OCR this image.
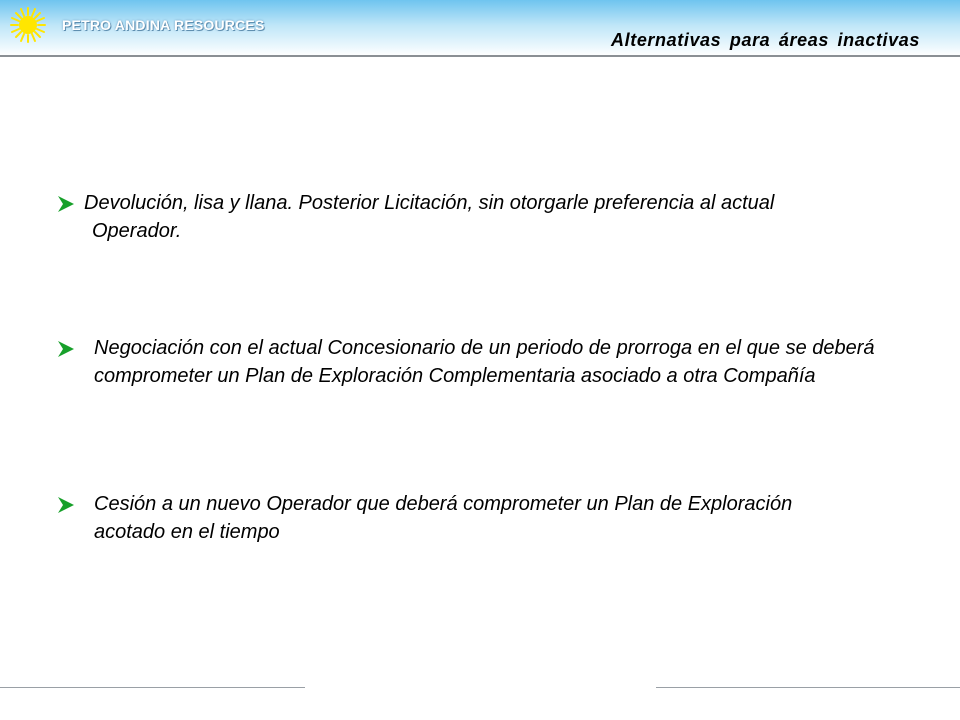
PETRO ANDINA RESOURCES
Alternativas para áreas inactivas
Devolución, lisa y llana. Posterior Licitación, sin otorgarle preferencia al actual
Operador.
Negociación con el actual Concesionario de un periodo de prorroga en el que se deberá comprometer un Plan de Exploración Complementaria asociado a otra Compañía
Cesión a un nuevo Operador que deberá comprometer un Plan de Exploración acotado en el tiempo
